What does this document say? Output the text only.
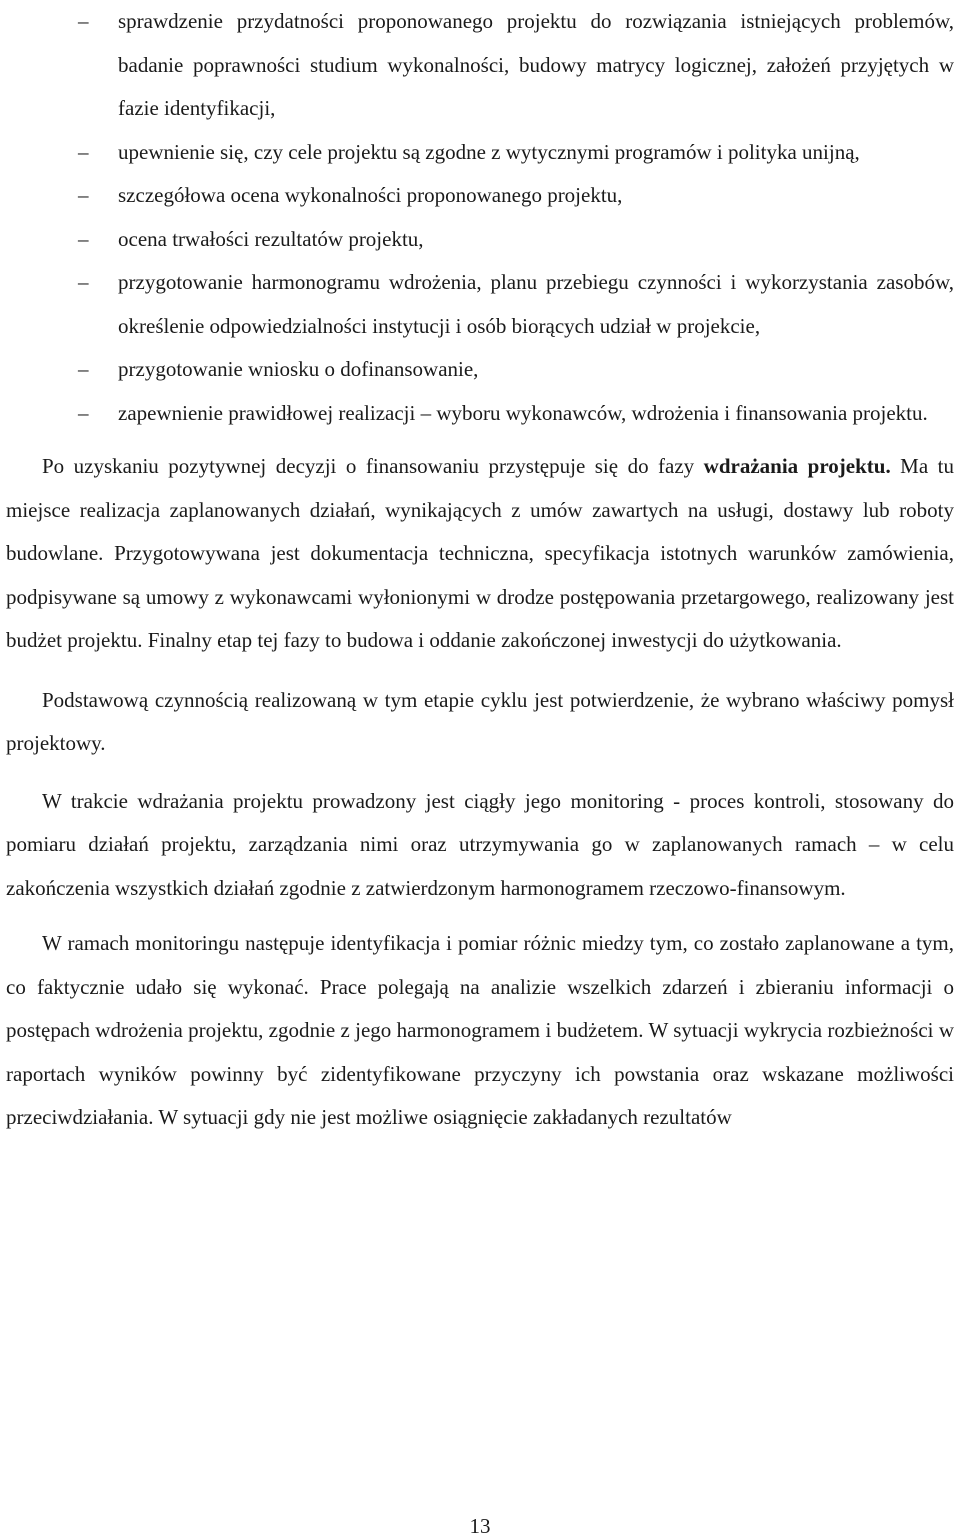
– sprawdzenie przydatności proponowanego projektu do rozwiązania istniejących problemów, badanie poprawności studium wykonalności, budowy matrycy logicznej, założeń przyjętych w fazie identyfikacji,
– upewnienie się, czy cele projektu są zgodne z wytycznymi programów i polityka unijną,
– szczegółowa ocena wykonalności proponowanego projektu,
– ocena trwałości rezultatów projektu,
– przygotowanie harmonogramu wdrożenia, planu przebiegu czynności i wykorzystania zasobów, określenie odpowiedzialności instytucji i osób biorących udział w projekcie,
– przygotowanie wniosku o dofinansowanie,
– zapewnienie prawidłowej realizacji – wyboru wykonawców, wdrożenia i finansowania projektu.

Po uzyskaniu pozytywnej decyzji o finansowaniu przystępuje się do fazy wdrażania projektu. Ma tu miejsce realizacja zaplanowanych działań, wynikających z umów zawartych na usługi, dostawy lub roboty budowlane. Przygotowywana jest dokumentacja techniczna, specyfikacja istotnych warunków zamówienia, podpisywane są umowy z wykonawcami wyłonionymi w drodze postępowania przetargowego, realizowany jest budżet projektu. Finalny etap tej fazy to budowa i oddanie zakończonej inwestycji do użytkowania.

Podstawową czynnością realizowaną w tym etapie cyklu jest potwierdzenie, że wybrano właściwy pomysł projektowy.

W trakcie wdrażania projektu prowadzony jest ciągły jego monitoring - proces kontroli, stosowany do pomiaru działań projektu, zarządzania nimi oraz utrzymywania go w zaplanowanych ramach – w celu zakończenia wszystkich działań zgodnie z zatwierdzonym harmonogramem rzeczowo-finansowym.

W ramach monitoringu następuje identyfikacja i pomiar różnic miedzy tym, co zostało zaplanowane a tym, co faktycznie udało się wykonać. Prace polegają na analizie wszelkich zdarzeń i zbieraniu informacji o postępach wdrożenia projektu, zgodnie z jego harmonogramem i budżetem. W sytuacji wykrycia rozbieżności w raportach wyników powinny być zidentyfikowane przyczyny ich powstania oraz wskazane możliwości przeciwdziałania. W sytuacji gdy nie jest możliwe osiągnięcie zakładanych rezultatów

13
